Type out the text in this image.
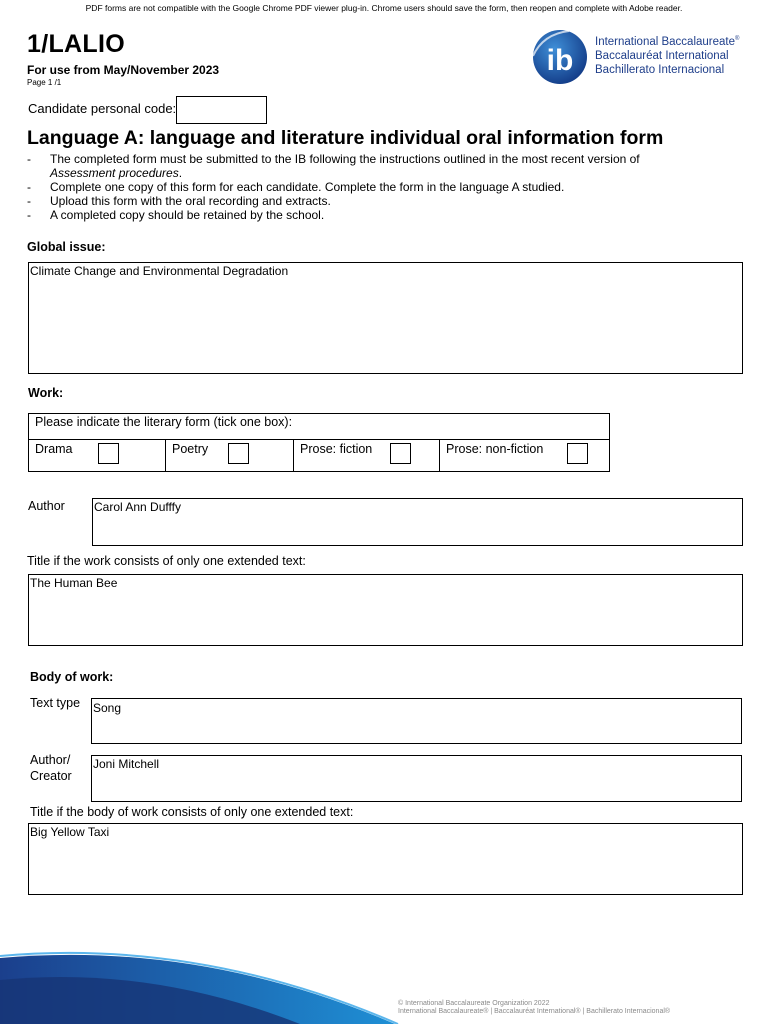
PDF forms are not compatible with the Google Chrome PDF viewer plug-in. Chrome users should save the form, then reopen and complete with Adobe reader.
1/LALIO
For use from May/November 2023
Page 1 /1
ib
International Baccalaureate®
Baccalauréat International
Bachillerato Internacional
Candidate personal code:
Language A: language and literature individual oral information form
- The completed form must be submitted to the IB following the instructions outlined in the most recent version of
Assessment procedures.
- Complete one copy of this form for each candidate. Complete the form in the language A studied.
- Upload this form with the oral recording and extracts.
- A completed copy should be retained by the school.
Global issue:
Climate Change and Environmental Degradation
Work:
Please indicate the literary form (tick one box):

Drama	Poetry	Prose: fiction	Prose: non-fiction
Author Carol Ann Dufffy
Title if the work consists of only one extended text:
The Human Bee
Body of work:
Text type Song
Author/
Creator
Joni Mitchell
Title if the body of work consists of only one extended text:
Big Yellow Taxi
© International Baccalaureate Organization 2022
International Baccalaureate® | Baccalauréat International® | Bachillerato Internacional®
